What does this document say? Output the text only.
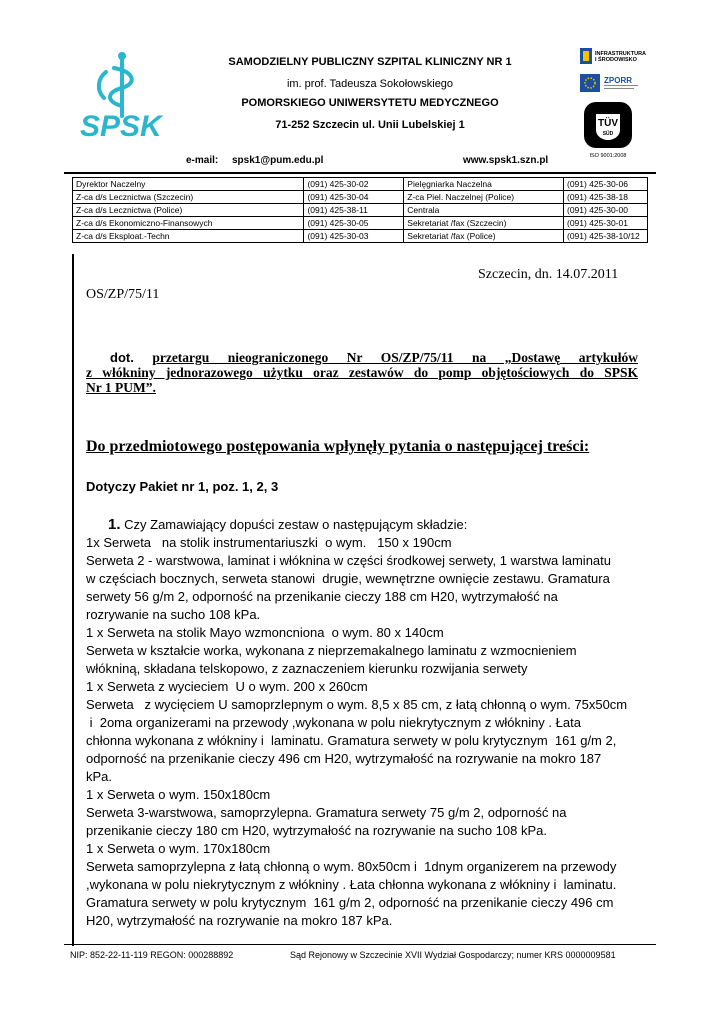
SPSK
SAMODZIELNY PUBLICZNY SZPITAL KLINICZNY NR 1
im. prof. Tadeusza Sokołowskiego
POMORSKIEGO UNIWERSYTETU MEDYCZNEGO
71-252 Szczecin ul. Unii Lubelskiej 1
INFRASTRUKTURA
I ŚRODOWISKO
ZPORR
TÜV
SÜD
ISO 9001:2008
e-mail: spsk1@pum.edu.pl	www.spsk1.szn.pl
Dyrektor Naczelny	(091) 425-30-02	Pielęgniarka Naczelna	(091) 425-30-06
Z-ca d/s Lecznictwa (Szczecin)	(091) 425-30-04	Z-ca Piel. Naczelnej (Police)	(091) 425-38-18
Z-ca d/s Lecznictwa (Police)	(091) 425-38-11	Centrala	(091) 425-30-00
Z-ca d/s Ekonomiczno-Finansowych	(091) 425-30-05	Sekretariat /fax (Szczecin)	(091) 425-30-01
Z-ca d/s Eksploat.-Techn	(091) 425-30-03	Sekretariat /fax (Police)	(091) 425-38-10/12
Szczecin, dn. 14.07.2011
OS/ZP/75/11
dot. przetargu nieograniczonego Nr OS/ZP/75/11 na „Dostawę artykułów
z włókniny jednorazowego użytku oraz zestawów do pomp objętościowych do SPSK
Nr 1 PUM”.
Do przedmiotowego postępowania wpłynęły pytania o następującej treści:
Dotyczy Pakiet nr 1, poz. 1, 2, 3

1. Czy Zamawiający dopuści zestaw o następującym składzie:

1x Serweta   na stolik instrumentariuszki  o wym.   150 x 190cm

Serweta 2 - warstwowa, laminat i włóknina w części środkowej serwety, 1 warstwa laminatu

w częściach bocznych, serweta stanowi  drugie, wewnętrzne ownięcie zestawu. Gramatura

serwety 56 g/m 2, odporność na przenikanie cieczy 188 cm H20, wytrzymałość na

rozrywanie na sucho 108 kPa.

1 x Serweta na stolik Mayo wzmoncniona  o wym. 80 x 140cm

Serweta w kształcie worka, wykonana z nieprzemakalnego laminatu z wzmocnieniem

włókniną, składana telskopowo, z zaznaczeniem kierunku rozwijania serwety

1 x Serweta z wycieciem  U o wym. 200 x 260cm

Serweta   z wycięciem U samoprzlepnym o wym. 8,5 x 85 cm, z łatą chłonną o wym. 75x50cm

i  2oma organizerami na przewody ,wykonana w polu niekrytycznym z włókniny . Łata

chłonna wykonana z włókniny i  laminatu. Gramatura serwety w polu krytycznym  161 g/m 2,

odporność na przenikanie cieczy 496 cm H20, wytrzymałość na rozrywanie na mokro 187

kPa.

1 x Serweta o wym. 150x180cm

Serweta 3-warstwowa, samoprzylepna. Gramatura serwety 75 g/m 2, odporność na

przenikanie cieczy 180 cm H20, wytrzymałość na rozrywanie na sucho 108 kPa.

1 x Serweta o wym. 170x180cm

Serweta samoprzylepna z łatą chłonną o wym. 80x50cm i  1dnym organizerem na przewody

,wykonana w polu niekrytycznym z włókniny . Łata chłonna wykonana z włókniny i  laminatu.

Gramatura serwety w polu krytycznym  161 g/m 2, odporność na przenikanie cieczy 496 cm

H20, wytrzymałość na rozrywanie na mokro 187 kPa.

NIP: 852-22-11-119 REGON: 000288892	Sąd Rejonowy w Szczecinie XVII Wydział Gospodarczy; numer KRS 0000009581
